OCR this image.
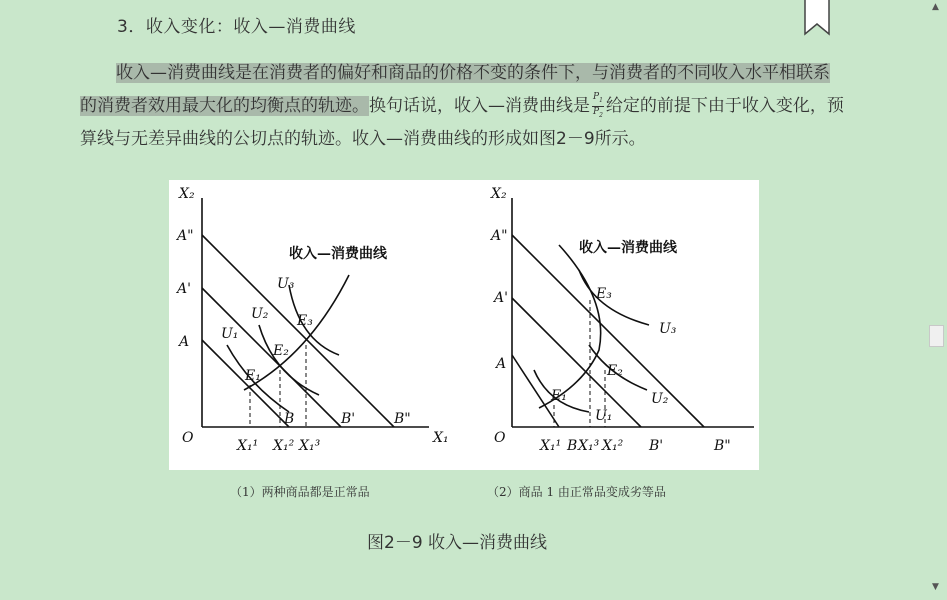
3．收入变化：收入—消费曲线
收入—消费曲线是在消费者的偏好和商品的价格不变的条件下，与消费者的不同收入水平相联系的消费者效用最大化的均衡点的轨迹。换句话说，收入—消费曲线是 $\frac{P_1}{P_2}$ 给定的前提下由于收入变化，预算线与无差异曲线的公切点的轨迹。收入—消费曲线的形成如图2－9所示。
X₂
X₁
O
A"
A'
A
B	B'	B"
U₁
U₂
U₃
E₁
E₂
E₃
X₁¹ X₁² X₁³
收入—消费曲线
X₂
O
A"
A'
A
B	B'	B"
U₁
U₂
U₃
E₁
E₂
E₃
X₁¹ X₁³ X₁²
收入—消费曲线
（1）两种商品都是正常品	（2）商品 1 由正常品变成劣等品
图2－9 收入—消费曲线
▲
▼
